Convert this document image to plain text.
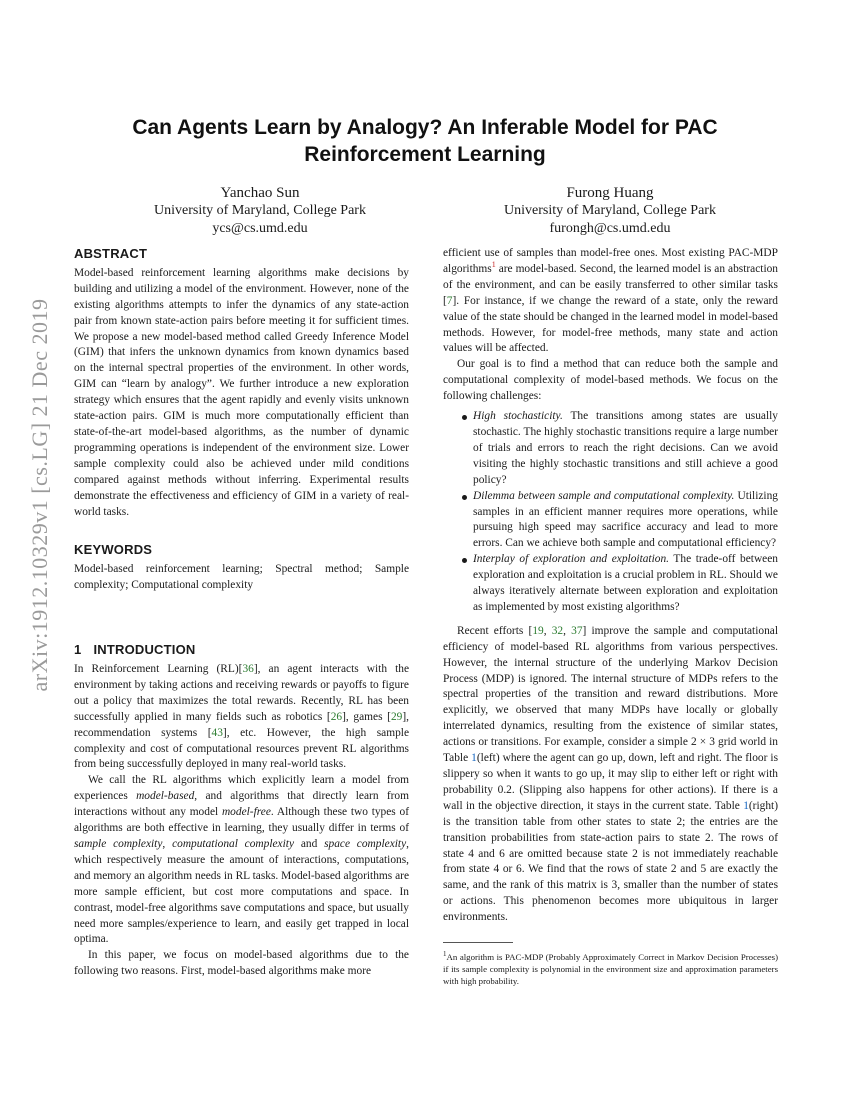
arXiv:1912.10329v1 [cs.LG] 21 Dec 2019
Can Agents Learn by Analogy? An Inferable Model for PAC
Reinforcement Learning
Yanchao Sun
University of Maryland, College Park
ycs@cs.umd.edu
Furong Huang
University of Maryland, College Park
furongh@cs.umd.edu
ABSTRACT

Model-based reinforcement learning algorithms make decisions by building and utilizing a model of the environment. However, none of the existing algorithms attempts to infer the dynamics of any state-action pair from known state-action pairs before meeting it for sufficient times. We propose a new model-based method called Greedy Inference Model (GIM) that infers the unknown dynamics from known dynamics based on the internal spectral properties of the environment. In other words, GIM can “learn by analogy”. We further introduce a new exploration strategy which ensures that the agent rapidly and evenly visits unknown state-action pairs. GIM is much more computationally efficient than state-of-the-art model-based algorithms, as the number of dynamic programming operations is independent of the environment size. Lower sample complexity could also be achieved under mild conditions compared against methods without inferring. Experimental results demonstrate the effectiveness and efficiency of GIM in a variety of real-world tasks.

KEYWORDS

Model-based reinforcement learning; Spectral method; Sample complexity; Computational complexity

1 INTRODUCTION

In Reinforcement Learning (RL)[36], an agent interacts with the environment by taking actions and receiving rewards or payoffs to figure out a policy that maximizes the total rewards. Recently, RL has been successfully applied in many fields such as robotics [26], games [29], recommendation systems [43], etc. However, the high sample complexity and cost of computational resources prevent RL algorithms from being successfully deployed in many real-world tasks.

We call the RL algorithms which explicitly learn a model from experiences model-based, and algorithms that directly learn from interactions without any model model-free. Although these two types of algorithms are both effective in learning, they usually differ in terms of sample complexity, computational complexity and space complexity, which respectively measure the amount of interactions, computations, and memory an algorithm needs in RL tasks. Model-based algorithms are more sample efficient, but cost more computations and space. In contrast, model-free algorithms save computations and space, but usually need more samples/experience to learn, and easily get trapped in local optima.

In this paper, we focus on model-based algorithms due to the following two reasons. First, model-based algorithms make more

efficient use of samples than model-free ones. Most existing PAC-MDP algorithms$^1$ are model-based. Second, the learned model is an abstraction of the environment, and can be easily transferred to other similar tasks [7]. For instance, if we change the reward of a state, only the reward value of the state should be changed in the learned model in model-based methods. However, for model-free methods, many state and action values will be affected.

Our goal is to find a method that can reduce both the sample and computational complexity of model-based methods. We focus on the following challenges:

High stochasticity. The transitions among states are usually stochastic. The highly stochastic transitions require a large number of trials and errors to reach the right decisions. Can we avoid visiting the highly stochastic transitions and still achieve a good policy?
Dilemma between sample and computational complexity. Utilizing samples in an efficient manner requires more operations, while pursuing high speed may sacrifice accuracy and lead to more errors. Can we achieve both sample and computational efficiency?
Interplay of exploration and exploitation. The trade-off between exploration and exploitation is a crucial problem in RL. Should we always iteratively alternate between exploration and exploitation as implemented by most existing algorithms?

Recent efforts [19, 32, 37] improve the sample and computational efficiency of model-based RL algorithms from various perspectives. However, the internal structure of the underlying Markov Decision Process (MDP) is ignored. The internal structure of MDPs refers to the spectral properties of the transition and reward distributions. More explicitly, we observed that many MDPs have locally or globally interrelated dynamics, resulting from the existence of similar states, actions or transitions. For example, consider a simple 2 × 3 grid world in Table 1(left) where the agent can go up, down, left and right. The floor is slippery so when it wants to go up, it may slip to either left or right with probability 0.2. (Slipping also happens for other actions). If there is a wall in the objective direction, it stays in the current state. Table 1(right) is the transition table from other states to state 2; the entries are the transition probabilities from state-action pairs to state 2. The rows of state 4 and 6 are omitted because state 2 is not immediately reachable from state 4 or 6. We find that the rows of state 2 and 5 are exactly the same, and the rank of this matrix is 3, smaller than the number of states or actions. This phenomenon becomes more ubiquitous in larger environments.

$^1$An algorithm is PAC-MDP (Probably Approximately Correct in Markov Decision Processes) if its sample complexity is polynomial in the environment size and approximation parameters with high probability.
